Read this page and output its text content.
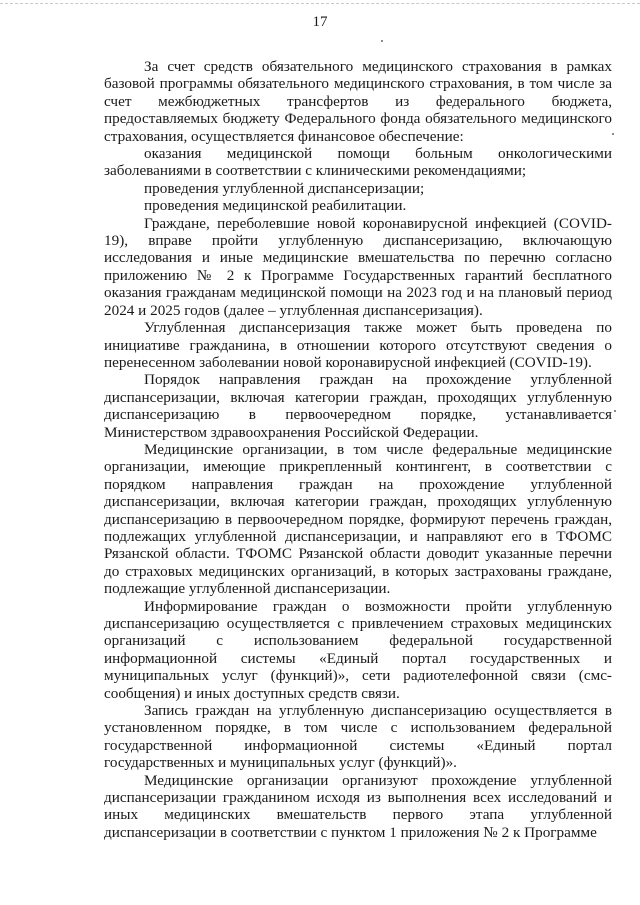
17

За счет средств обязательного медицинского страхования в рамках базовой программы обязательного медицинского страхования, в том числе за счет межбюджетных трансфертов из федерального бюджета, предоставляемых бюджету Федерального фонда обязательного медицинского страхования, осуществляется финансовое обеспечение:

оказания медицинской помощи больным онкологическими заболеваниями в соответствии с клиническими рекомендациями;

проведения углубленной диспансеризации;

проведения медицинской реабилитации.

Граждане, переболевшие новой коронавирусной инфекцией (COVID-19), вправе пройти углубленную диспансеризацию, включающую исследования и иные медицинские вмешательства по перечню согласно приложению № 2 к Программе Государственных гарантий бесплатного оказания гражданам медицинской помощи на 2023 год и на плановый период 2024 и 2025 годов (далее – углубленная диспансеризация).

Углубленная диспансеризация также может быть проведена по инициативе гражданина, в отношении которого отсутствуют сведения о перенесенном заболевании новой коронавирусной инфекцией (COVID-19).

Порядок направления граждан на прохождение углубленной диспансеризации, включая категории граждан, проходящих углубленную диспансеризацию в первоочередном порядке, устанавливается Министерством здравоохранения Российской Федерации.

Медицинские организации, в том числе федеральные медицинские организации, имеющие прикрепленный контингент, в соответствии с порядком направления граждан на прохождение углубленной диспансеризации, включая категории граждан, проходящих углубленную диспансеризацию в первоочередном порядке, формируют перечень граждан, подлежащих углубленной диспансеризации, и направляют его в ТФОМС Рязанской области. ТФОМС Рязанской области доводит указанные перечни до страховых медицинских организаций, в которых застрахованы граждане, подлежащие углубленной диспансеризации.

Информирование граждан о возможности пройти углубленную диспансеризацию осуществляется с привлечением страховых медицинских организаций с использованием федеральной государственной информационной системы «Единый портал государственных и муниципальных услуг (функций)», сети радиотелефонной связи (смс-сообщения) и иных доступных средств связи.

Запись граждан на углубленную диспансеризацию осуществляется в установленном порядке, в том числе с использованием федеральной государственной информационной системы «Единый портал государственных и муниципальных услуг (функций)».

Медицинские организации организуют прохождение углубленной диспансеризации гражданином исходя из выполнения всех исследований и иных медицинских вмешательств первого этапа углубленной диспансеризации в соответствии с пунктом 1 приложения № 2 к Программе
